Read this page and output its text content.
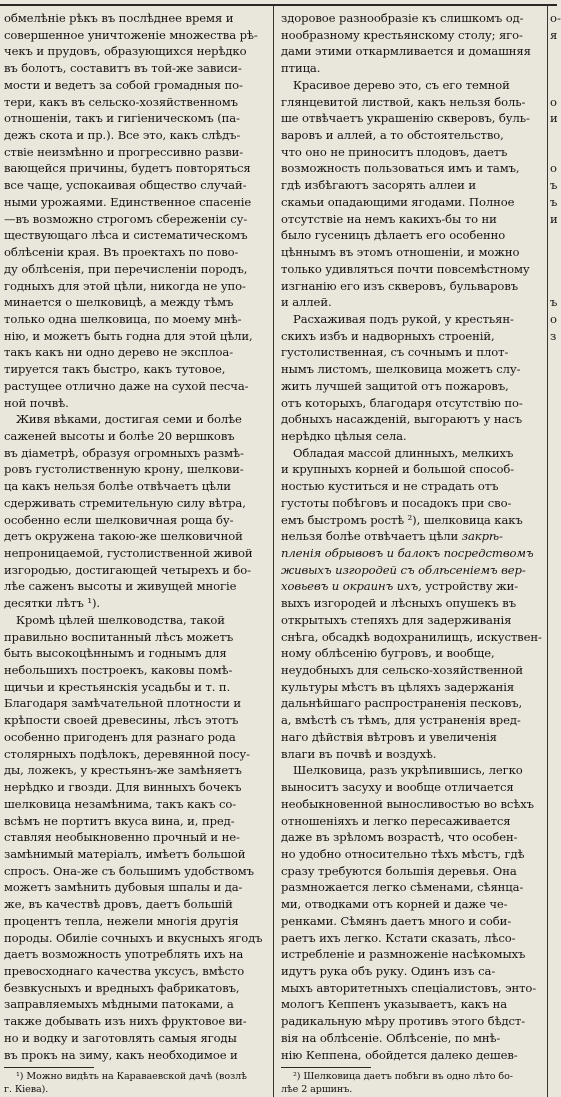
обмелѣніе рѣкъ въ послѣднее время и
совершенное уничтоженіе множества рѣ-
чекъ и прудовъ, образующихся нерѣдко
въ болотъ, составитъ въ той-же зависи-
мости и ведетъ за собой громадныя по-
тери, какъ въ сельско-хозяйственномъ
отношеніи, такъ и гигіеническомъ (па-
дежъ скота и пр.). Все это, какъ слѣдъ-
ствіе неизмѣнно и прогрессивно разви-
вающейся причины, будетъ повторяться
все чаще, успокаивая общество случай-
ными урожаями. Единственное спасеніе
—въ возможно строгомъ сбереженіи су-
ществующаго лѣса и систематическомъ
облѣсеніи края. Въ проектахъ по пово-
ду облѣсенія, при перечисленіи породъ,
годныхъ для этой цѣли, никогда не упо-
минается о шелковицѣ, а между тѣмъ
только одна шелковица, по моему мнѣ-
нію, и можетъ быть годна для этой цѣли,
такъ какъ ни одно дерево не эксплоа-
тируется такъ быстро, какъ тутовое,
растущее отлично даже на сухой песча-
ной почвѣ.

Живя вѣками, достигая семи и болѣе
саженей высоты и болѣе 20 вершковъ
въ діаметрѣ, образуя огромныхъ размѣ-
ровъ густолиственную крону, шелкови-
ца какъ нельзя болѣе отвѣчаетъ цѣли
сдерживать стремительную силу вѣтра,
особенно если шелковичная роща бу-
детъ окружена такою-же шелковичной
непроницаемой, густолиственной живой
изгородью, достигающей четырехъ и бо-
лѣе саженъ высоты и живущей многіе
десятки лѣтъ ¹).

Кромѣ цѣлей шелководства, такой
правильно воспитанный лѣсъ можетъ
быть высокоцѣннымъ и годнымъ для
небольшихъ построекъ, каковы помѣ-
щичьи и крестьянскія усадьбы и т. п.
Благодаря замѣчательной плотности и
крѣпости своей древесины, лѣсъ этотъ
особенно пригоденъ для разнаго рода
столярныхъ подѣлокъ, деревянной посу-
ды, ложекъ, у крестьянъ-же замѣняетъ
нерѣдко и гвозди. Для винныхъ бочекъ
шелковица незамѣнима, такъ какъ со-
всѣмъ не портитъ вкуса вина, и, пред-
ставляя необыкновенно прочный и не-
замѣнимый матеріалъ, имѣетъ большой
спросъ. Она-же съ большимъ удобствомъ
можетъ замѣнить дубовыя шпалы и да-
же, въ качествѣ дровъ, даетъ большій
процентъ тепла, нежели многія другія
породы. Обиліе сочныхъ и вкусныхъ ягодъ
даетъ возможность употреблять ихъ на
превосходнаго качества уксусъ, вмѣсто
безвкусныхъ и вредныхъ фабрикатовъ,
заправляемыхъ мѣдными патоками, а
также добывать изъ нихъ фруктовое ви-
но и водку и заготовлять самыя ягоды
въ прокъ на зиму, какъ необходимое и

¹) Можно видѣть на Караваевской дачѣ (возлѣ
г. Кіева).

здоровое разнообразіе къ слишкомъ од-
нообразному крестьянскому столу; яго-
дами этими откармливается и домашняя
птица.

Красивое дерево это, съ его темной
глянцевитой листвой, какъ нельзя боль-
ше отвѣчаетъ украшенію скверовъ, буль-
варовъ и аллей, а то обстоятельство,
что оно не приноситъ плодовъ, даетъ
возможность пользоваться имъ и тамъ,
гдѣ избѣгаютъ засорять аллеи и
скамьи опадающими ягодами. Полное
отсутствіе на немъ какихъ-бы то ни
было гусеницъ дѣлаетъ его особенно
цѣннымъ въ этомъ отношеніи, и можно
только удивляться почти повсемѣстному
изгнанію его изъ скверовъ, бульваровъ
и аллей.

Расхаживая подъ рукой, у крестьян-
скихъ избъ и надворныхъ строеній,
густолиственная, съ сочнымъ и плот-
нымъ листомъ, шелковица можетъ слу-
жить лучшей защитой отъ пожаровъ,
отъ которыхъ, благодаря отсутствію по-
добныхъ насажденій, выгораютъ у насъ
нерѣдко цѣлыя села.

Обладая массой длинныхъ, мелкихъ
и крупныхъ корней и большой способ-
ностью куститься и не страдать отъ
густоты побѣговъ и посадокъ при сво-
емъ быстромъ ростѣ ²), шелковица какъ
нельзя болѣе отвѣчаетъ цѣли закрѣ-
пленія обрывовъ и балокъ посредствомъ
живыхъ изгородей съ облѣсеніемъ вер-
ховьевъ и окраинъ ихъ, устройству жи-
выхъ изгородей и лѣсныхъ опушекъ въ
открытыхъ степяхъ для задерживанія
снѣга, обсадкѣ водохранилищъ, искуствен-
ному облѣсенію бугровъ, и вообще,
неудобныхъ для сельско-хозяйственной
культуры мѣстъ въ цѣляхъ задержанія
дальнѣйшаго распространенія песковъ,
а, вмѣстѣ съ тѣмъ, для устраненія вред-
наго дѣйствія вѣтровъ и увеличенія
влаги въ почвѣ и воздухѣ.

Шелковица, разъ укрѣпившись, легко
выноситъ засуху и вообще отличается
необыкновенной выносливостью во всѣхъ
отношеніяхъ и легко пересаживается
даже въ зрѣломъ возрастѣ, что особен-
но удобно относительно тѣхъ мѣстъ, гдѣ
сразу требуются большія деревья. Она
размножается легко сѣменами, сѣянца-
ми, отводками отъ корней и даже че-
ренками. Сѣмянъ даетъ много и соби-
раетъ ихъ легко. Кстати сказать, лѣсо-
истребленіе и размноженіе насѣкомыхъ
идутъ рука объ руку. Одинъ изъ са-
мыхъ авторитетныхъ спеціалистовъ, энто-
мологъ Кеппенъ указываетъ, какъ на
радикальную мѣру противъ этого бѣдст-
вія на облѣсеніе. Облѣсеніе, по мнѣ-
нію Кеппена, обойдется далеко дешев-

²) Шелковица даетъ побѣги въ одно лѣто бо-
лѣе 2 аршинъ.

о-
я

о
и

о
ъ
ъ
и

ъ
о
з
